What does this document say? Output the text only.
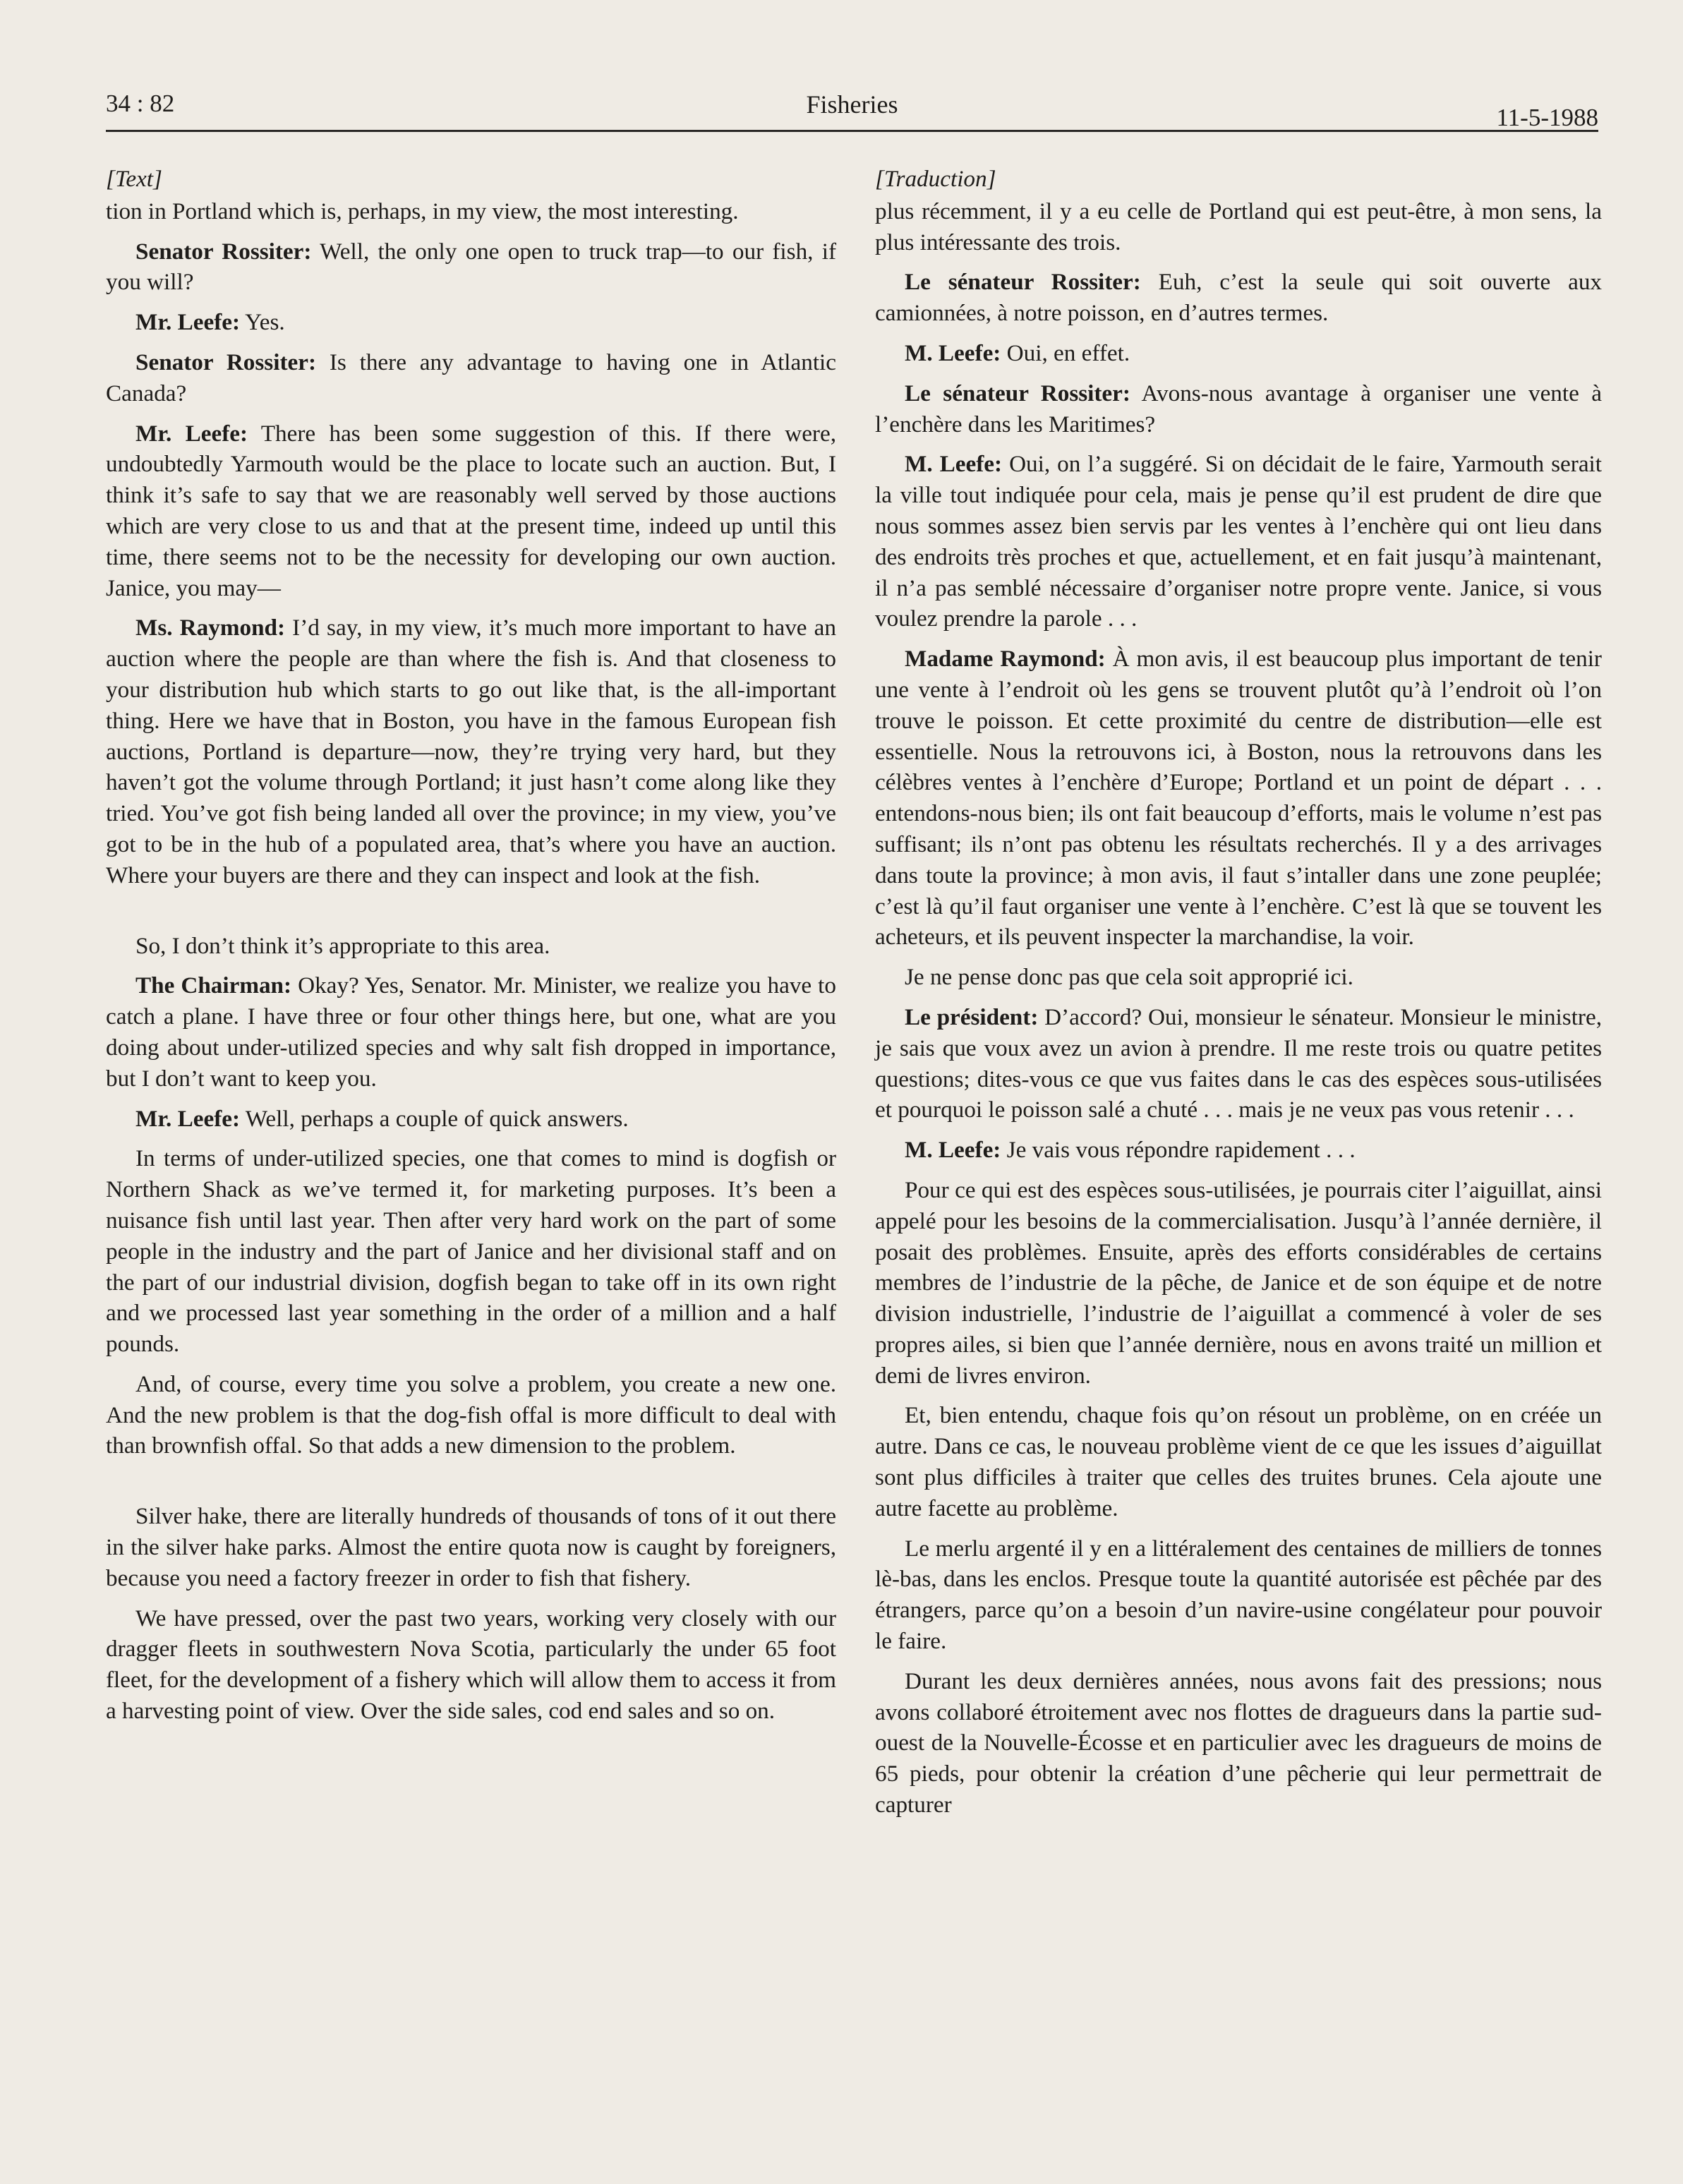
34 : 82	Fisheries	11-5-1988

[Text]

tion in Portland which is, perhaps, in my view, the most interesting.

Senator Rossiter: Well, the only one open to truck trap—to our fish, if you will?

Mr. Leefe: Yes.

Senator Rossiter: Is there any advantage to having one in Atlantic Canada?

Mr. Leefe: There has been some suggestion of this. If there were, undoubtedly Yarmouth would be the place to locate such an auction. But, I think it’s safe to say that we are reasonably well served by those auctions which are very close to us and that at the present time, indeed up until this time, there seems not to be the necessity for developing our own auction. Janice, you may—

Ms. Raymond: I’d say, in my view, it’s much more important to have an auction where the people are than where the fish is. And that closeness to your distribution hub which starts to go out like that, is the all-important thing. Here we have that in Boston, you have in the famous European fish auctions, Portland is departure—now, they’re trying very hard, but they haven’t got the volume through Portland; it just hasn’t come along like they tried. You’ve got fish being landed all over the province; in my view, you’ve got to be in the hub of a populated area, that’s where you have an auction. Where your buyers are there and they can inspect and look at the fish.

So, I don’t think it’s appropriate to this area.

The Chairman: Okay? Yes, Senator. Mr. Minister, we realize you have to catch a plane. I have three or four other things here, but one, what are you doing about under-utilized species and why salt fish dropped in importance, but I don’t want to keep you.

Mr. Leefe: Well, perhaps a couple of quick answers.

In terms of under-utilized species, one that comes to mind is dogfish or Northern Shack as we’ve termed it, for marketing purposes. It’s been a nuisance fish until last year. Then after very hard work on the part of some people in the industry and the part of Janice and her divisional staff and on the part of our industrial division, dogfish began to take off in its own right and we processed last year something in the order of a million and a half pounds.

And, of course, every time you solve a problem, you create a new one. And the new problem is that the dog-fish offal is more difficult to deal with than brownfish offal. So that adds a new dimension to the problem.

Silver hake, there are literally hundreds of thousands of tons of it out there in the silver hake parks. Almost the entire quota now is caught by foreigners, because you need a factory freezer in order to fish that fishery.

We have pressed, over the past two years, working very closely with our dragger fleets in southwestern Nova Scotia, particularly the under 65 foot fleet, for the development of a fishery which will allow them to access it from a harvesting point of view. Over the side sales, cod end sales and so on.

[Traduction]

plus récemment, il y a eu celle de Portland qui est peut-être, à mon sens, la plus intéressante des trois.

Le sénateur Rossiter: Euh, c’est la seule qui soit ouverte aux camionnées, à notre poisson, en d’autres termes.

M. Leefe: Oui, en effet.

Le sénateur Rossiter: Avons-nous avantage à organiser une vente à l’enchère dans les Maritimes?

M. Leefe: Oui, on l’a suggéré. Si on décidait de le faire, Yarmouth serait la ville tout indiquée pour cela, mais je pense qu’il est prudent de dire que nous sommes assez bien servis par les ventes à l’enchère qui ont lieu dans des endroits très proches et que, actuellement, et en fait jusqu’à maintenant, il n’a pas semblé nécessaire d’organiser notre propre vente. Janice, si vous voulez prendre la parole . . .

Madame Raymond: À mon avis, il est beaucoup plus important de tenir une vente à l’endroit où les gens se trouvent plutôt qu’à l’endroit où l’on trouve le poisson. Et cette proximité du centre de distribution—elle est essentielle. Nous la retrouvons ici, à Boston, nous la retrouvons dans les célèbres ventes à l’enchère d’Europe; Portland et un point de départ . . . entendons-nous bien; ils ont fait beaucoup d’efforts, mais le volume n’est pas suffisant; ils n’ont pas obtenu les résultats recherchés. Il y a des arrivages dans toute la province; à mon avis, il faut s’intaller dans une zone peuplée; c’est là qu’il faut organiser une vente à l’enchère. C’est là que se touvent les acheteurs, et ils peuvent inspecter la marchandise, la voir.

Je ne pense donc pas que cela soit approprié ici.

Le président: D’accord? Oui, monsieur le sénateur. Monsieur le ministre, je sais que voux avez un avion à prendre. Il me reste trois ou quatre petites questions; dites-vous ce que vus faites dans le cas des espèces sous-utilisées et pourquoi le poisson salé a chuté . . . mais je ne veux pas vous retenir . . .

M. Leefe: Je vais vous répondre rapidement . . .

Pour ce qui est des espèces sous-utilisées, je pourrais citer l’aiguillat, ainsi appelé pour les besoins de la commercialisation. Jusqu’à l’année dernière, il posait des problèmes. Ensuite, après des efforts considérables de certains membres de l’industrie de la pêche, de Janice et de son équipe et de notre division industrielle, l’industrie de l’aiguillat a commencé à voler de ses propres ailes, si bien que l’année dernière, nous en avons traité un million et demi de livres environ.

Et, bien entendu, chaque fois qu’on résout un problème, on en créée un autre. Dans ce cas, le nouveau problème vient de ce que les issues d’aiguillat sont plus difficiles à traiter que celles des truites brunes. Cela ajoute une autre facette au problème.

Le merlu argenté il y en a littéralement des centaines de milliers de tonnes lè-bas, dans les enclos. Presque toute la quantité autorisée est pêchée par des étrangers, parce qu’on a besoin d’un navire-usine congélateur pour pouvoir le faire.

Durant les deux dernières années, nous avons fait des pressions; nous avons collaboré étroitement avec nos flottes de dragueurs dans la partie sud-ouest de la Nouvelle-Écosse et en particulier avec les dragueurs de moins de 65 pieds, pour obtenir la création d’une pêcherie qui leur permettrait de capturer
